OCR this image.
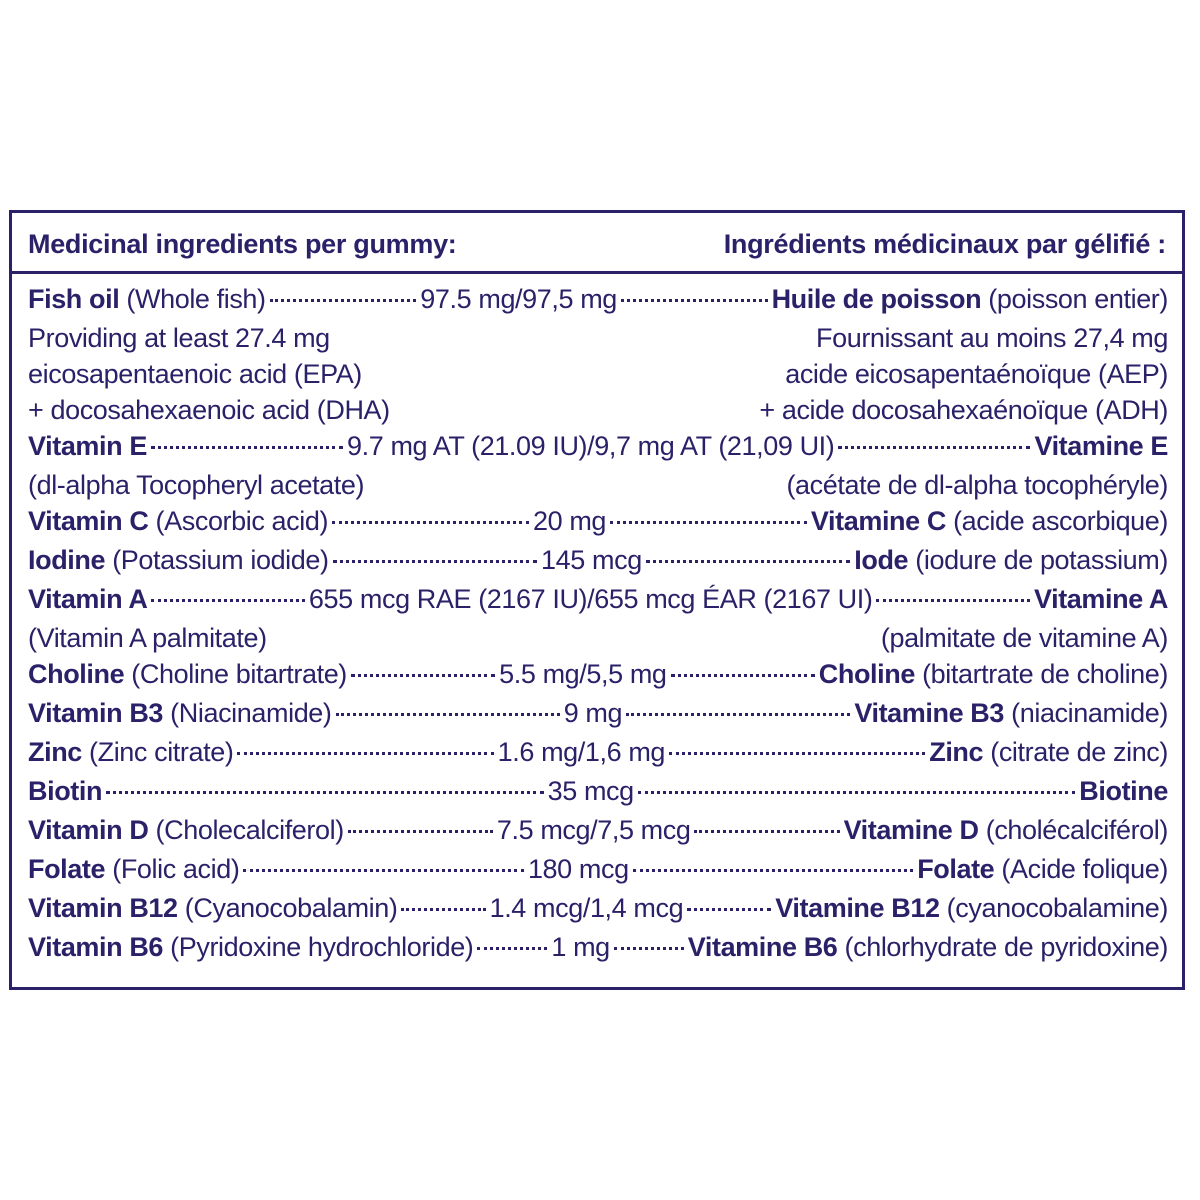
Medicinal ingredients per gummy:	Ingrédients médicinaux par gélifié :
Fish oil (Whole fish)	97.5 mg/97,5 mg	Huile de poisson (poisson entier)
Providing at least 27.4 mg	Fournissant au moins 27,4 mg
eicosapentaenoic acid (EPA)	acide eicosapentaénoïque (AEP)
+ docosahexaenoic acid (DHA)	+ acide docosahexaénoïque (ADH)
Vitamin E	9.7 mg AT (21.09 IU)/9,7 mg AT (21,09 UI)	Vitamine E
(dl-alpha Tocopheryl acetate)	(acétate de dl-alpha tocophéryle)
Vitamin C (Ascorbic acid)	20 mg	Vitamine C (acide ascorbique)
Iodine (Potassium iodide)	145 mcg	Iode (iodure de potassium)
Vitamin A	655 mcg RAE (2167 IU)/655 mcg ÉAR (2167 UI)	Vitamine A
(Vitamin A palmitate)	(palmitate de vitamine A)
Choline (Choline bitartrate)	5.5 mg/5,5 mg	Choline (bitartrate de choline)
Vitamin B3 (Niacinamide)	9 mg	Vitamine B3 (niacinamide)
Zinc (Zinc citrate)	1.6 mg/1,6 mg	Zinc (citrate de zinc)
Biotin	35 mcg	Biotine
Vitamin D (Cholecalciferol)	7.5 mcg/7,5 mcg	Vitamine D (cholécalciférol)
Folate (Folic acid)	180 mcg	Folate (Acide folique)
Vitamin B12 (Cyanocobalamin)	1.4 mcg/1,4 mcg	Vitamine B12 (cyanocobalamine)
Vitamin B6 (Pyridoxine hydrochloride)	1 mg	Vitamine B6 (chlorhydrate de pyridoxine)
